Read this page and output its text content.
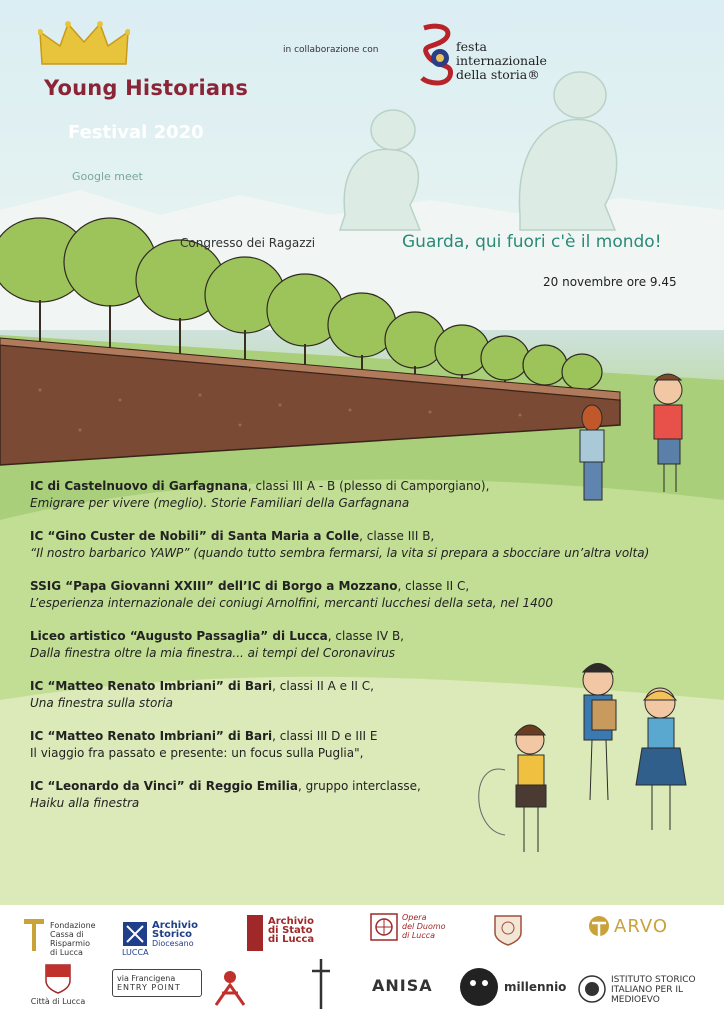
Young Historians
Festival 2020
Google meet
in collaborazione con	festa
internazionale
della storia®
Congresso dei Ragazzi	Guarda, qui fuori c'è il mondo!
20 novembre ore 9.45
IC di Castelnuovo di Garfagnana, classi III A - B (plesso di Camporgiano),
Emigrare per vivere (meglio). Storie Familiari della Garfagnana
IC “Gino Custer de Nobili” di Santa Maria a Colle, classe III B,
“Il nostro barbarico YAWP” (quando tutto sembra fermarsi, la vita si prepara a sbocciare un’altra volta)
SSIG “Papa Giovanni XXIII” dell’IC di Borgo a Mozzano, classe II C,
L’esperienza internazionale dei coniugi Arnolfini, mercanti lucchesi della seta, nel 1400
Liceo artistico “Augusto Passaglia” di Lucca, classe IV B,
Dalla finestra oltre la mia finestra... ai tempi del Coronavirus
IC “Matteo Renato Imbriani” di Bari, classi II A e II C,
Una finestra sulla storia
IC “Matteo Renato Imbriani” di Bari, classi III D e III E
Il viaggio fra passato e presente: un focus sulla Puglia",
IC “Leonardo da Vinci” di Reggio Emilia, gruppo interclasse,
Haiku alla finestra
Fondazione
Cassa di Risparmio
di Lucca
Archivio Storico
Diocesano
LUCCA
Archivio
di Stato
di Lucca
Opera
del Duomo
di Lucca	ARVO
Città di Lucca
via Francigena
ENTRY POINT	ANISA	millennio	ISTITUTO STORICO
ITALIANO PER IL
MEDIOEVO
